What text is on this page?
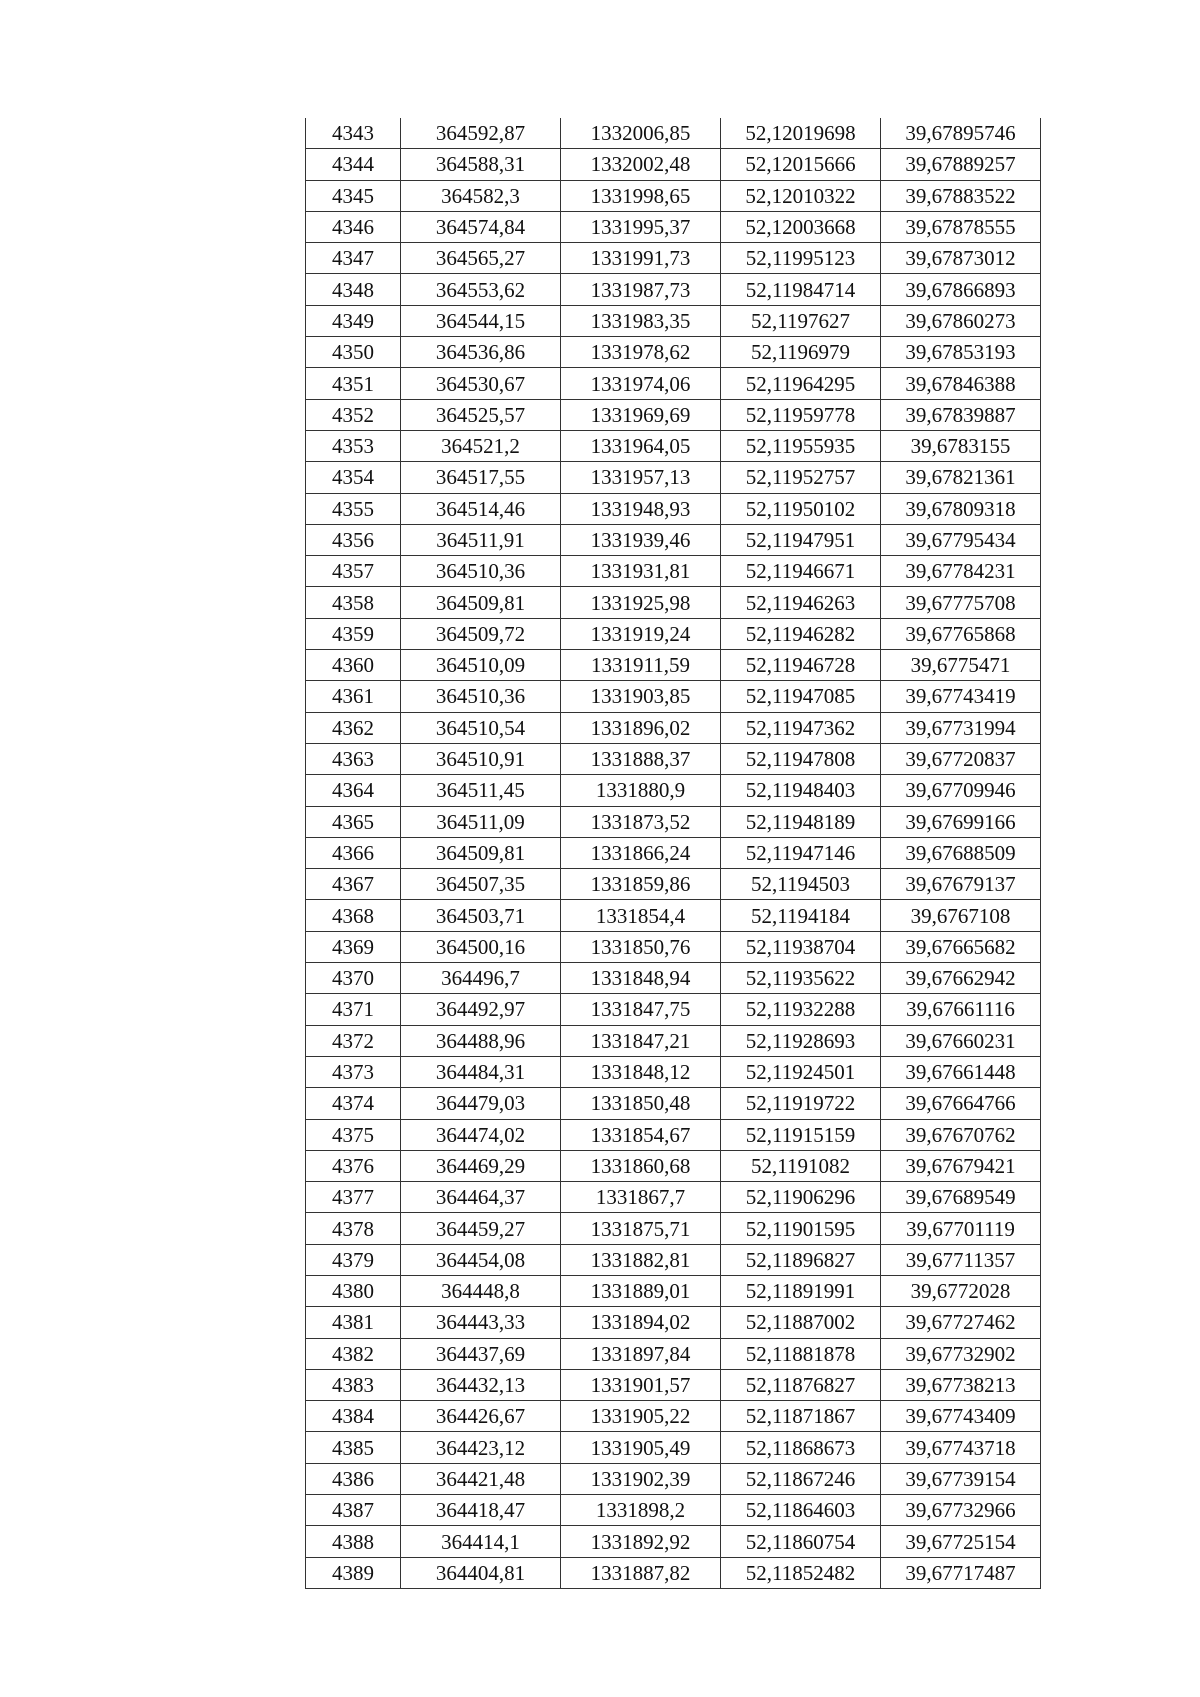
4343	364592,87	1332006,85	52,12019698	39,67895746
4344	364588,31	1332002,48	52,12015666	39,67889257
4345	364582,3	1331998,65	52,12010322	39,67883522
4346	364574,84	1331995,37	52,12003668	39,67878555
4347	364565,27	1331991,73	52,11995123	39,67873012
4348	364553,62	1331987,73	52,11984714	39,67866893
4349	364544,15	1331983,35	52,1197627	39,67860273
4350	364536,86	1331978,62	52,1196979	39,67853193
4351	364530,67	1331974,06	52,11964295	39,67846388
4352	364525,57	1331969,69	52,11959778	39,67839887
4353	364521,2	1331964,05	52,11955935	39,6783155
4354	364517,55	1331957,13	52,11952757	39,67821361
4355	364514,46	1331948,93	52,11950102	39,67809318
4356	364511,91	1331939,46	52,11947951	39,67795434
4357	364510,36	1331931,81	52,11946671	39,67784231
4358	364509,81	1331925,98	52,11946263	39,67775708
4359	364509,72	1331919,24	52,11946282	39,67765868
4360	364510,09	1331911,59	52,11946728	39,6775471
4361	364510,36	1331903,85	52,11947085	39,67743419
4362	364510,54	1331896,02	52,11947362	39,67731994
4363	364510,91	1331888,37	52,11947808	39,67720837
4364	364511,45	1331880,9	52,11948403	39,67709946
4365	364511,09	1331873,52	52,11948189	39,67699166
4366	364509,81	1331866,24	52,11947146	39,67688509
4367	364507,35	1331859,86	52,1194503	39,67679137
4368	364503,71	1331854,4	52,1194184	39,6767108
4369	364500,16	1331850,76	52,11938704	39,67665682
4370	364496,7	1331848,94	52,11935622	39,67662942
4371	364492,97	1331847,75	52,11932288	39,67661116
4372	364488,96	1331847,21	52,11928693	39,67660231
4373	364484,31	1331848,12	52,11924501	39,67661448
4374	364479,03	1331850,48	52,11919722	39,67664766
4375	364474,02	1331854,67	52,11915159	39,67670762
4376	364469,29	1331860,68	52,1191082	39,67679421
4377	364464,37	1331867,7	52,11906296	39,67689549
4378	364459,27	1331875,71	52,11901595	39,67701119
4379	364454,08	1331882,81	52,11896827	39,67711357
4380	364448,8	1331889,01	52,11891991	39,6772028
4381	364443,33	1331894,02	52,11887002	39,67727462
4382	364437,69	1331897,84	52,11881878	39,67732902
4383	364432,13	1331901,57	52,11876827	39,67738213
4384	364426,67	1331905,22	52,11871867	39,67743409
4385	364423,12	1331905,49	52,11868673	39,67743718
4386	364421,48	1331902,39	52,11867246	39,67739154
4387	364418,47	1331898,2	52,11864603	39,67732966
4388	364414,1	1331892,92	52,11860754	39,67725154
4389	364404,81	1331887,82	52,11852482	39,67717487
